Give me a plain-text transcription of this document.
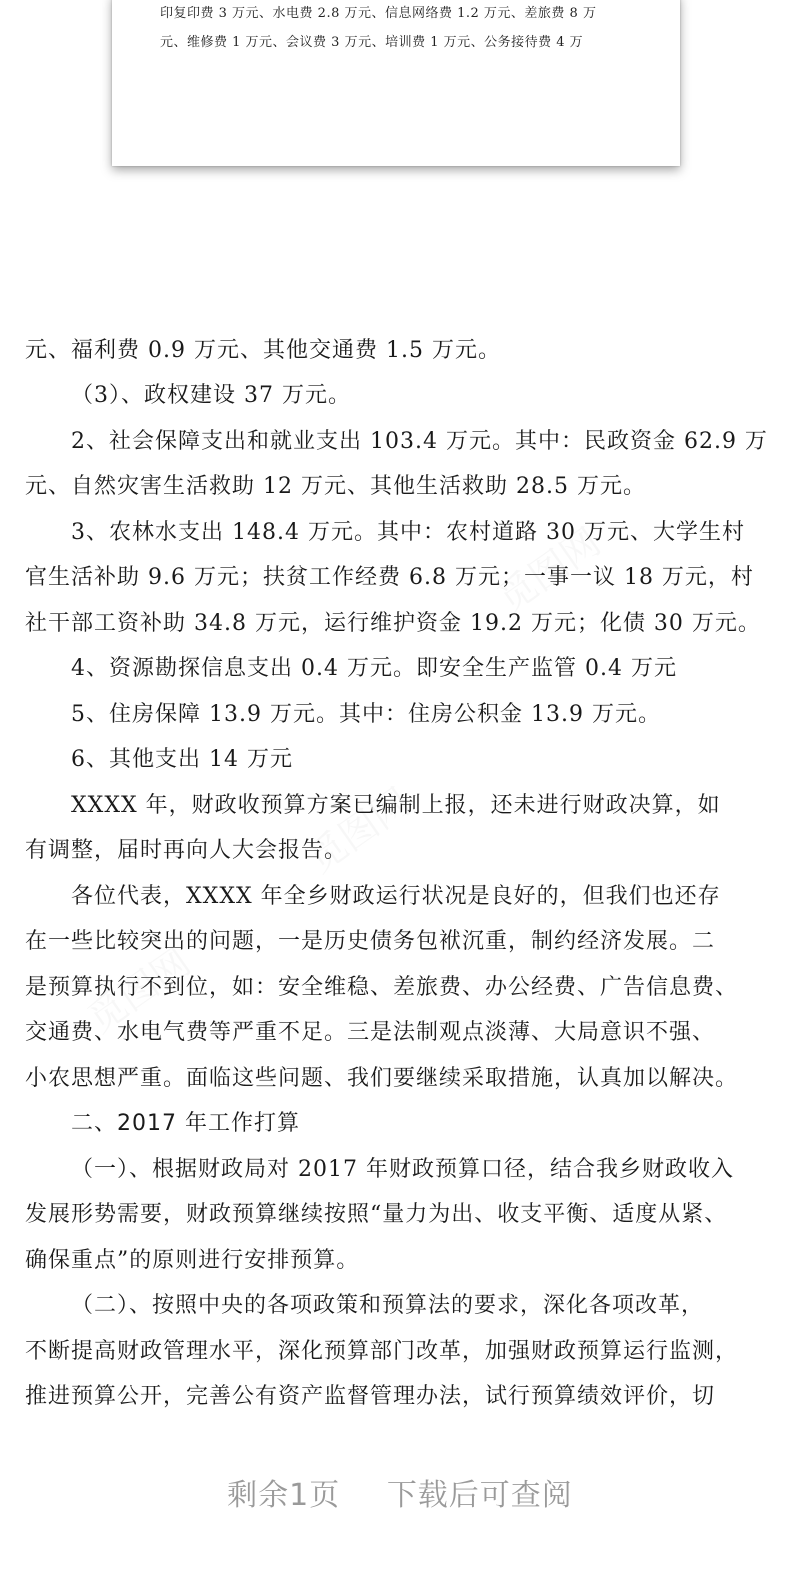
印复印费 3 万元、水电费 2.8 万元、信息网络费 1.2 万元、差旅费 8 万
元、维修费 1 万元、会议费 3 万元、培训费 1 万元、公务接待费 4 万
觅图网
觅图网
觅图网
元、福利费 0.9 万元、其他交通费 1.5 万元。
（3）、政权建设 37 万元。
2、社会保障支出和就业支出 103.4 万元。其中：民政资金 62.9 万
元、自然灾害生活救助 12 万元、其他生活救助 28.5 万元。
3、农林水支出 148.4 万元。其中：农村道路 30 万元、大学生村
官生活补助 9.6 万元；扶贫工作经费 6.8 万元；一事一议 18 万元，村
社干部工资补助 34.8 万元，运行维护资金 19.2 万元；化债 30 万元。
4、资源勘探信息支出 0.4 万元。即安全生产监管 0.4 万元
5、住房保障 13.9 万元。其中：住房公积金 13.9 万元。
6、其他支出 14 万元
XXXX 年，财政收预算方案已编制上报，还未进行财政决算，如
有调整，届时再向人大会报告。
各位代表，XXXX 年全乡财政运行状况是良好的，但我们也还存
在一些比较突出的问题，一是历史债务包袱沉重，制约经济发展。二
是预算执行不到位，如：安全维稳、差旅费、办公经费、广告信息费、
交通费、水电气费等严重不足。三是法制观点淡薄、大局意识不强、
小农思想严重。面临这些问题、我们要继续采取措施，认真加以解决。
二、2017 年工作打算
（一）、根据财政局对 2017 年财政预算口径，结合我乡财政收入
发展形势需要，财政预算继续按照“量力为出、收支平衡、适度从紧、
确保重点”的原则进行安排预算。
（二）、按照中央的各项政策和预算法的要求，深化各项改革，
不断提高财政管理水平，深化预算部门改革，加强财政预算运行监测，
推进预算公开，完善公有资产监督管理办法，试行预算绩效评价，切
剩余1页 下载后可查阅
